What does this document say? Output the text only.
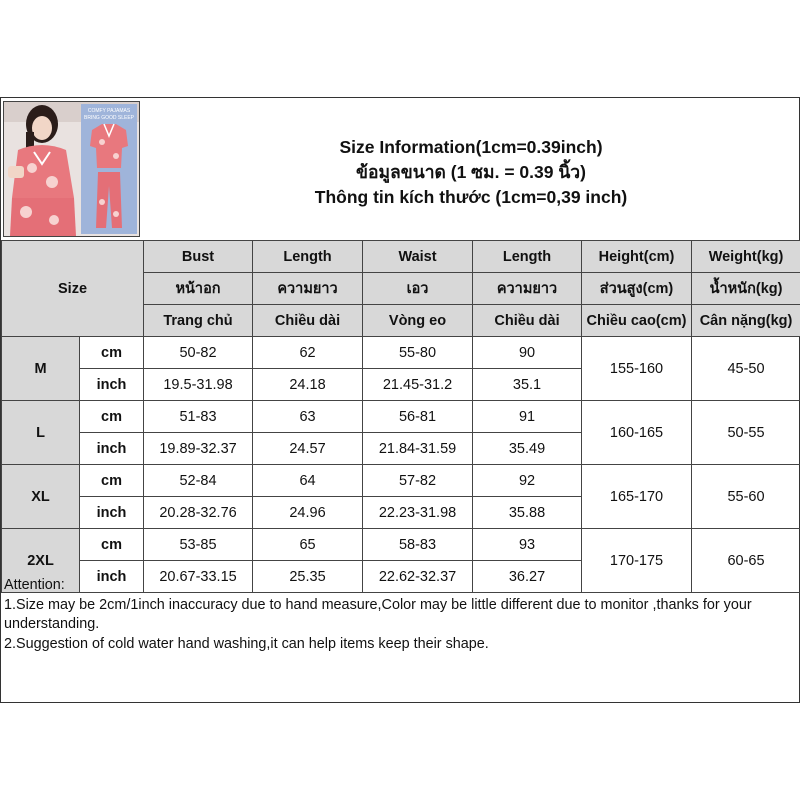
COMFY PAJAMAS
BRING GOOD SLEEP
Size Information(1cm=0.39inch)
ข้อมูลขนาด (1 ซม. = 0.39 นิ้ว)
Thông tin kích thước (1cm=0,39 inch)
Size		Bust	Length	Waist	Length	Height(cm)	Weight(kg)
		หน้าอก	ความยาว	เอว	ความยาว	ส่วนสูง(cm)	น้ำหนัก(kg)
		Trang chủ	Chiều dài	Vòng eo	Chiều dài	Chiều cao(cm)	Cân nặng(kg)
M	cm	50-82	62	55-80	90	155-160	45-50
	inch	19.5-31.98	24.18	21.45-31.2	35.1		
L	cm	51-83	63	56-81	91	160-165	50-55
	inch	19.89-32.37	24.57	21.84-31.59	35.49		
XL	cm	52-84	64	57-82	92	165-170	55-60
	inch	20.28-32.76	24.96	22.23-31.98	35.88		
2XL	cm	53-85	65	58-83	93	170-175	60-65
	inch	20.67-33.15	25.35	22.62-32.37	36.27		

Attention:

1.Size may be 2cm/1inch inaccuracy due to hand measure,Color may be little different due to monitor ,thanks for your understanding.

2.Suggestion of cold water hand washing,it can help items keep their shape.
